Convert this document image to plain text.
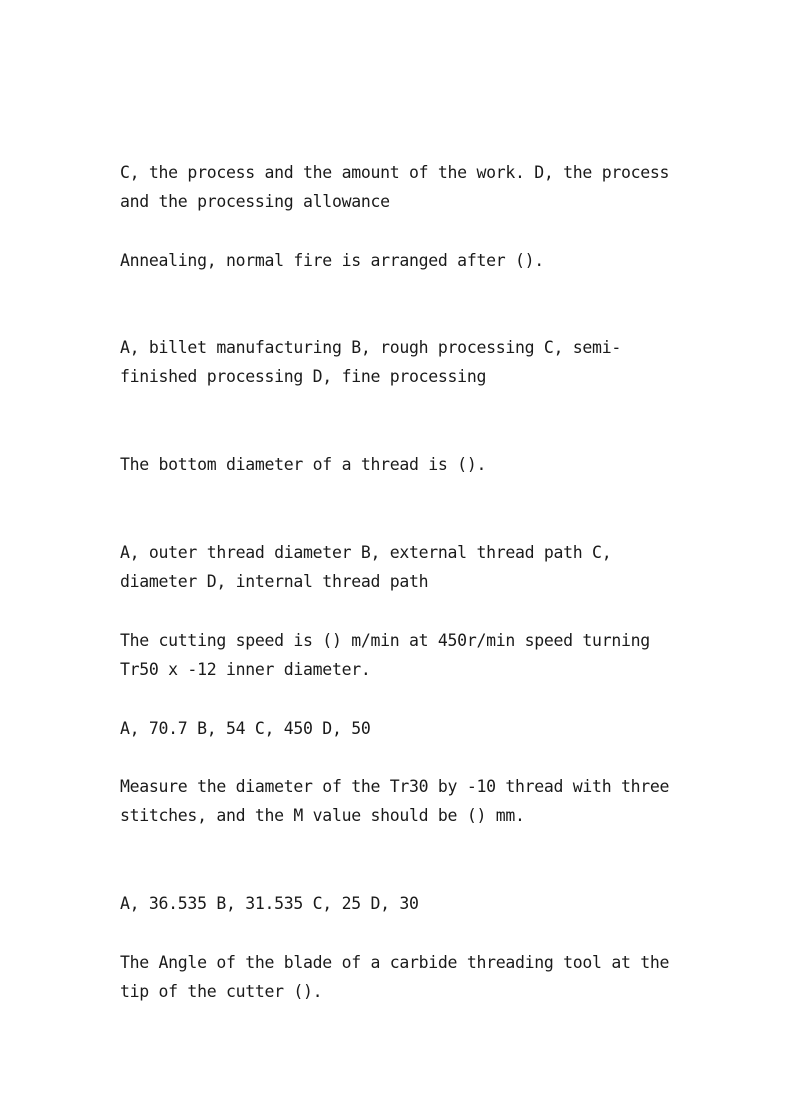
C, the process and the amount of the work. D, the process and the processing allowance

Annealing, normal fire is arranged after ().

A, billet manufacturing B, rough processing C, semi-finished processing D, fine processing

The bottom diameter of a thread is ().

A, outer thread diameter B, external thread path C, diameter D, internal thread path

The cutting speed is () m/min at 450r/min speed turning Tr50 x -12 inner diameter.

A, 70.7 B, 54 C, 450 D, 50

Measure the diameter of the Tr30 by -10 thread with three stitches, and the M value should be () mm.

A, 36.535 B, 31.535 C, 25 D, 30

The Angle of the blade of a carbide threading tool at the tip of the cutter ().
